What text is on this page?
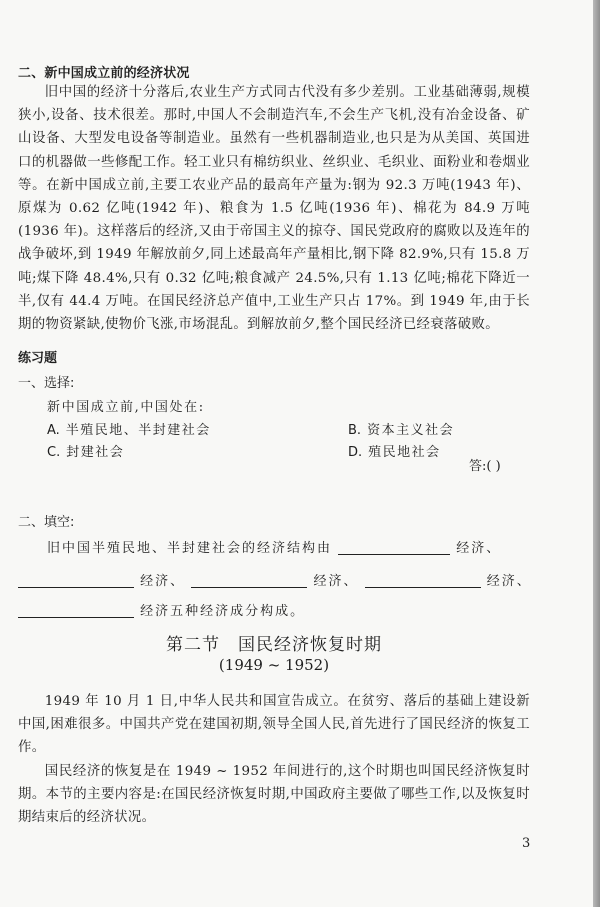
二、新中国成立前的经济状况
旧中国的经济十分落后,农业生产方式同古代没有多少差别。工业基础薄弱,规模狭小,设备、技术很差。那时,中国人不会制造汽车,不会生产飞机,没有冶金设备、矿山设备、大型发电设备等制造业。虽然有一些机器制造业,也只是为从美国、英国进口的机器做一些修配工作。轻工业只有棉纺织业、丝织业、毛织业、面粉业和卷烟业等。在新中国成立前,主要工农业产品的最高年产量为:钢为 92.3 万吨(1943 年)、原煤为 0.62 亿吨(1942 年)、粮食为 1.5 亿吨(1936 年)、棉花为 84.9 万吨(1936 年)。这样落后的经济,又由于帝国主义的掠夺、国民党政府的腐败以及连年的战争破坏,到 1949 年解放前夕,同上述最高年产量相比,钢下降 82.9%,只有 15.8 万吨;煤下降 48.4%,只有 0.32 亿吨;粮食减产 24.5%,只有 1.13 亿吨;棉花下降近一半,仅有 44.4 万吨。在国民经济总产值中,工业生产只占 17%。到 1949 年,由于长期的物资紧缺,使物价飞涨,市场混乱。到解放前夕,整个国民经济已经衰落破败。
练习题
一、选择:
新中国成立前,中国处在:
A. 半殖民地、半封建社会	B. 资本主义社会
C. 封建社会	D. 殖民地社会
答:( )
二、填空:
旧中国半殖民地、半封建社会的经济结构由	经济、
经济、	经济、	经济、
经济五种经济成分构成。
第二节 国民经济恢复时期
(1949 ~ 1952)
1949 年 10 月 1 日,中华人民共和国宣告成立。在贫穷、落后的基础上建设新中国,困难很多。中国共产党在建国初期,领导全国人民,首先进行了国民经济的恢复工作。
国民经济的恢复是在 1949 ~ 1952 年间进行的,这个时期也叫国民经济恢复时期。本节的主要内容是:在国民经济恢复时期,中国政府主要做了哪些工作,以及恢复时期结束后的经济状况。
3
